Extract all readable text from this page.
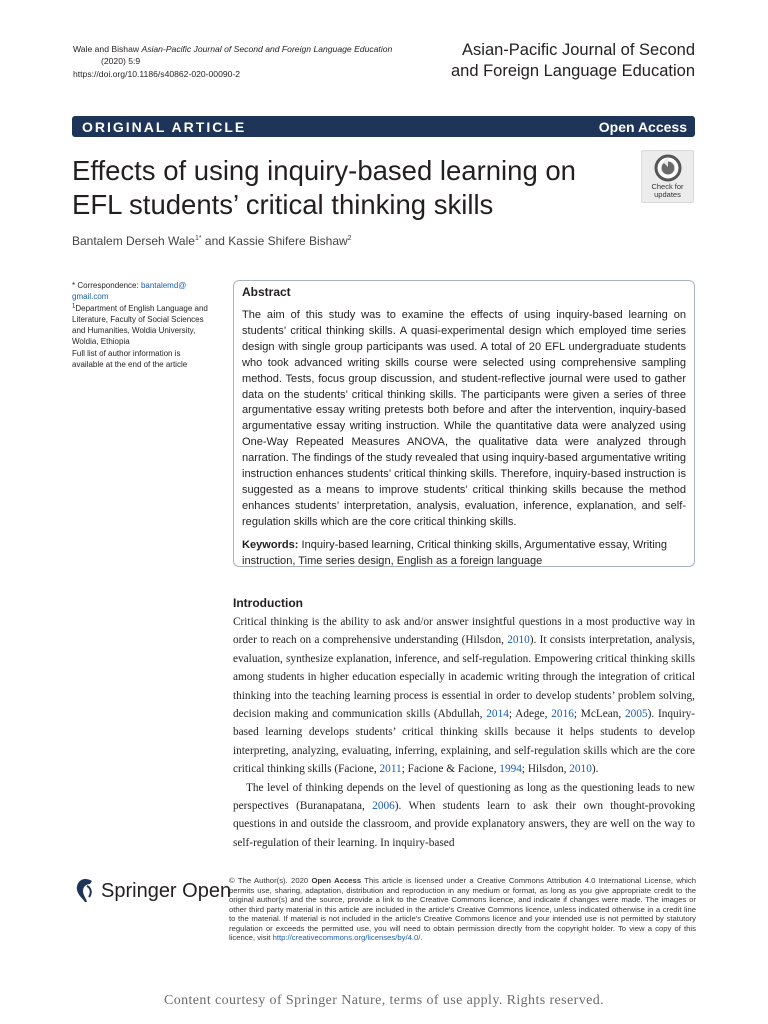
Wale and Bishaw Asian-Pacific Journal of Second and Foreign Language Education
(2020) 5:9
https://doi.org/10.1186/s40862-020-00090-2
Asian-Pacific Journal of Second
and Foreign Language Education
ORIGINAL ARTICLE	Open Access
Effects of using inquiry-based learning on EFL students’ critical thinking skills
Check for
updates
Bantalem Derseh Wale$^{1*}$ and Kassie Shifere Bishaw$^2$
* Correspondence: bantalemd@
gmail.com
$^1$Department of English Language and Literature, Faculty of Social Sciences and Humanities, Woldia University, Woldia, Ethiopia
Full list of author information is available at the end of the article
Abstract
The aim of this study was to examine the effects of using inquiry-based learning on students’ critical thinking skills. A quasi-experimental design which employed time series design with single group participants was used. A total of 20 EFL undergraduate students who took advanced writing skills course were selected using comprehensive sampling method. Tests, focus group discussion, and student-reflective journal were used to gather data on the students’ critical thinking skills. The participants were given a series of three argumentative essay writing pretests both before and after the intervention, inquiry-based argumentative essay writing instruction. While the quantitative data were analyzed using One-Way Repeated Measures ANOVA, the qualitative data were analyzed through narration. The findings of the study revealed that using inquiry-based argumentative writing instruction enhances students’ critical thinking skills. Therefore, inquiry-based instruction is suggested as a means to improve students’ critical thinking skills because the method enhances students’ interpretation, analysis, evaluation, inference, explanation, and self-regulation skills which are the core critical thinking skills.
Keywords: Inquiry-based learning, Critical thinking skills, Argumentative essay, Writing instruction, Time series design, English as a foreign language
Introduction

Critical thinking is the ability to ask and/or answer insightful questions in a most productive way in order to reach on a comprehensive understanding (Hilsdon, 2010). It consists interpretation, analysis, evaluation, synthesize explanation, inference, and self-regulation. Empowering critical thinking skills among students in higher education especially in academic writing through the integration of critical thinking into the teaching learning process is essential in order to develop students’ problem solving, decision making and communication skills (Abdullah, 2014; Adege, 2016; McLean, 2005). Inquiry-based learning develops students’ critical thinking skills because it helps students to develop interpreting, analyzing, evaluating, inferring, explaining, and self-regulation skills which are the core critical thinking skills (Facione, 2011; Facione & Facione, 1994; Hilsdon, 2010).

The level of thinking depends on the level of questioning as long as the questioning leads to new perspectives (Buranapatana, 2006). When students learn to ask their own thought-provoking questions in and outside the classroom, and provide explanatory answers, they are well on the way to self-regulation of their learning. In inquiry-based

Springer Open
© The Author(s). 2020 Open Access This article is licensed under a Creative Commons Attribution 4.0 International License, which permits use, sharing, adaptation, distribution and reproduction in any medium or format, as long as you give appropriate credit to the original author(s) and the source, provide a link to the Creative Commons licence, and indicate if changes were made. The images or other third party material in this article are included in the article's Creative Commons licence, unless indicated otherwise in a credit line to the material. If material is not included in the article's Creative Commons licence and your intended use is not permitted by statutory regulation or exceeds the permitted use, you will need to obtain permission directly from the copyright holder. To view a copy of this licence, visit http://creativecommons.org/licenses/by/4.0/.
Content courtesy of Springer Nature, terms of use apply. Rights reserved.
